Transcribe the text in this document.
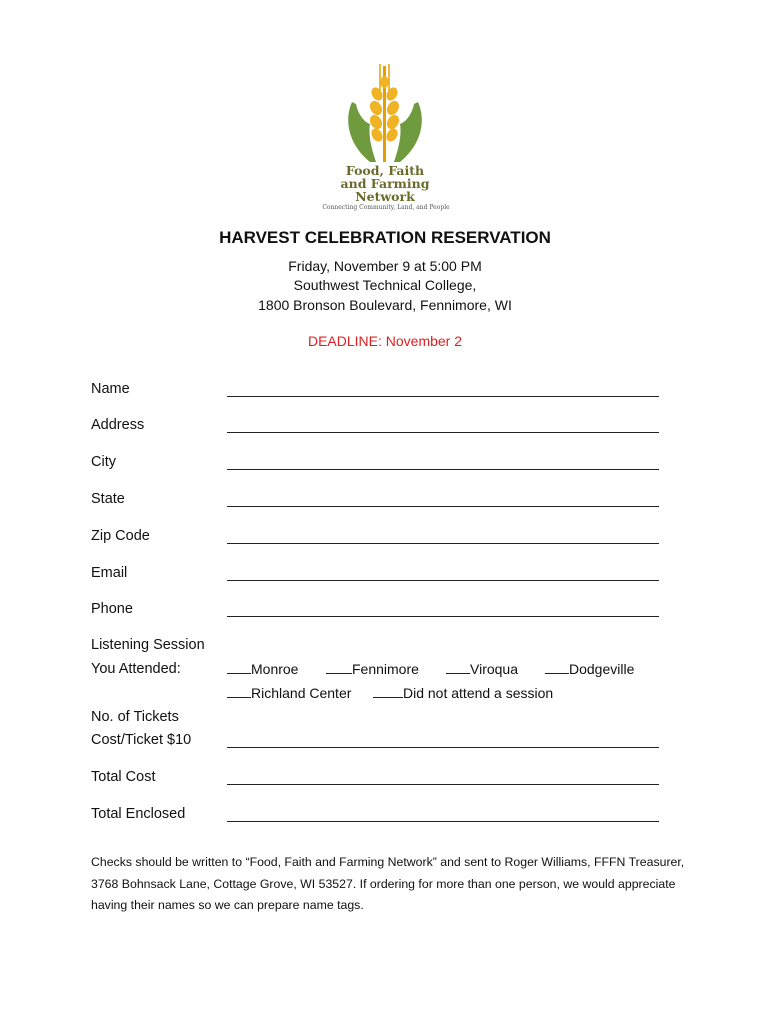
Food, Faith
and Farming
Network
Connecting Community, Land, and People
HARVEST CELEBRATION RESERVATION
Friday, November 9 at 5:00 PM
Southwest Technical College,
1800 Bronson Boulevard, Fennimore, WI
DEADLINE: November 2
Name
Address
City
State
Zip Code
Email
Phone
Listening Session
You Attended:	Monroe	Fennimore	Viroqua	Dodgeville
Richland Center	Did not attend a session
No. of Tickets
Cost/Ticket $10
Total Cost
Total Enclosed
Checks should be written to “Food, Faith and Farming Network” and sent to Roger Williams, FFFN Treasurer, 3768 Bohnsack Lane, Cottage Grove, WI 53527. If ordering for more than one person, we would appreciate having their names so we can prepare name tags.
